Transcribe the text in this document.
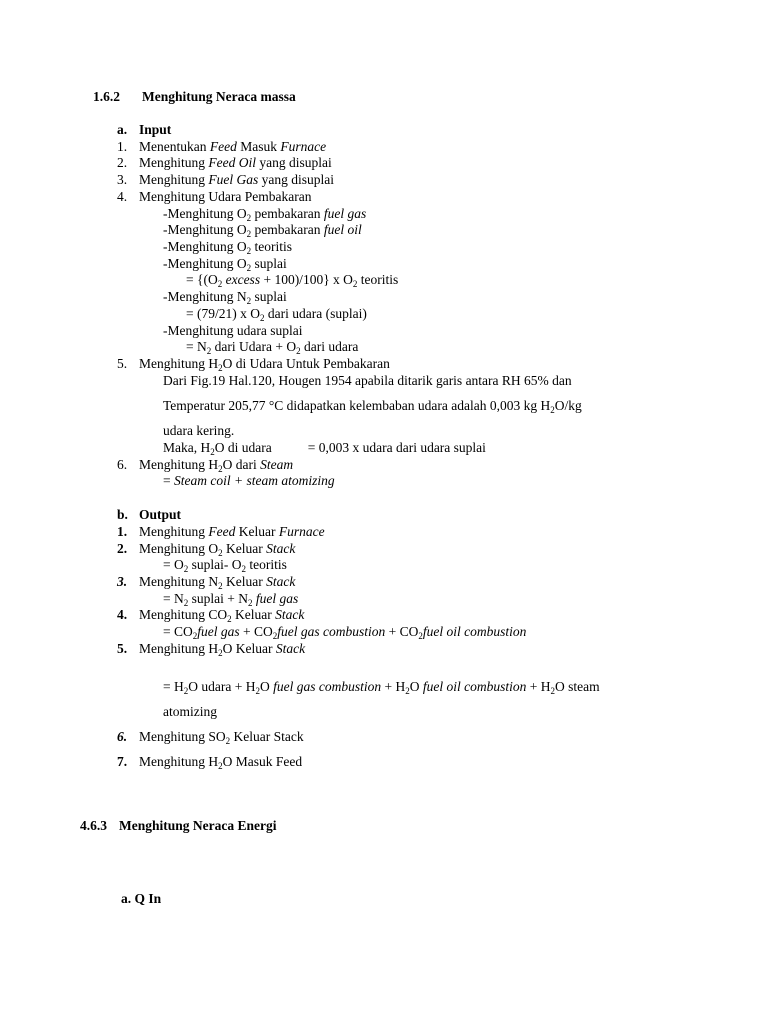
1.6.2 Menghitung Neraca massa
a. Input
1. Menentukan Feed Masuk Furnace
2. Menghitung Feed Oil yang disuplai
3. Menghitung Fuel Gas yang disuplai
4. Menghitung Udara Pembakaran
-Menghitung $O_2$ pembakaran fuel gas
-Menghitung $O_2$ pembakaran fuel oil
-Menghitung $O_2$ teoritis
-Menghitung $O_2$ suplai
= {($O_2$ excess + 100)/100} x $O_2$ teoritis
-Menghitung $N_2$ suplai
= (79/21) x $O_2$ dari udara (suplai)
-Menghitung udara suplai
= $N_2$ dari Udara + $O_2$ dari udara
5. Menghitung $H_2O$ di Udara Untuk Pembakaran
Dari Fig.19 Hal.120, Hougen 1954 apabila ditarik garis antara RH 65% dan
Temperatur 205,77 °C didapatkan kelembaban udara adalah 0,003 kg $H_2O/kg$
udara kering.
Maka, $H_2O$ di udara	= 0,003 x udara dari udara suplai
6. Menghitung $H_2O$ dari Steam
= Steam coil + steam atomizing
b. Output
1. Menghitung Feed Keluar Furnace
2. Menghitung $O_2$ Keluar Stack
= $O_2$ suplai- $O_2$ teoritis
3. Menghitung $N_2$ Keluar Stack
= $N_2$ suplai + $N_2$ fuel gas
4. Menghitung $CO_2$ Keluar Stack
= $CO_2fuel$ gas + $CO_2fuel$ gas combustion + $CO_2fuel$ oil combustion
5. Menghitung $H_2O$ Keluar Stack
= $H_2O$ udara + $H_2O$ fuel gas combustion + $H_2O$ fuel oil combustion + $H_2O$ steam
atomizing
6. Menghitung $SO_2$ Keluar Stack
7. Menghitung $H_2O$ Masuk Feed
4.6.3 Menghitung Neraca Energi
a. Q In
